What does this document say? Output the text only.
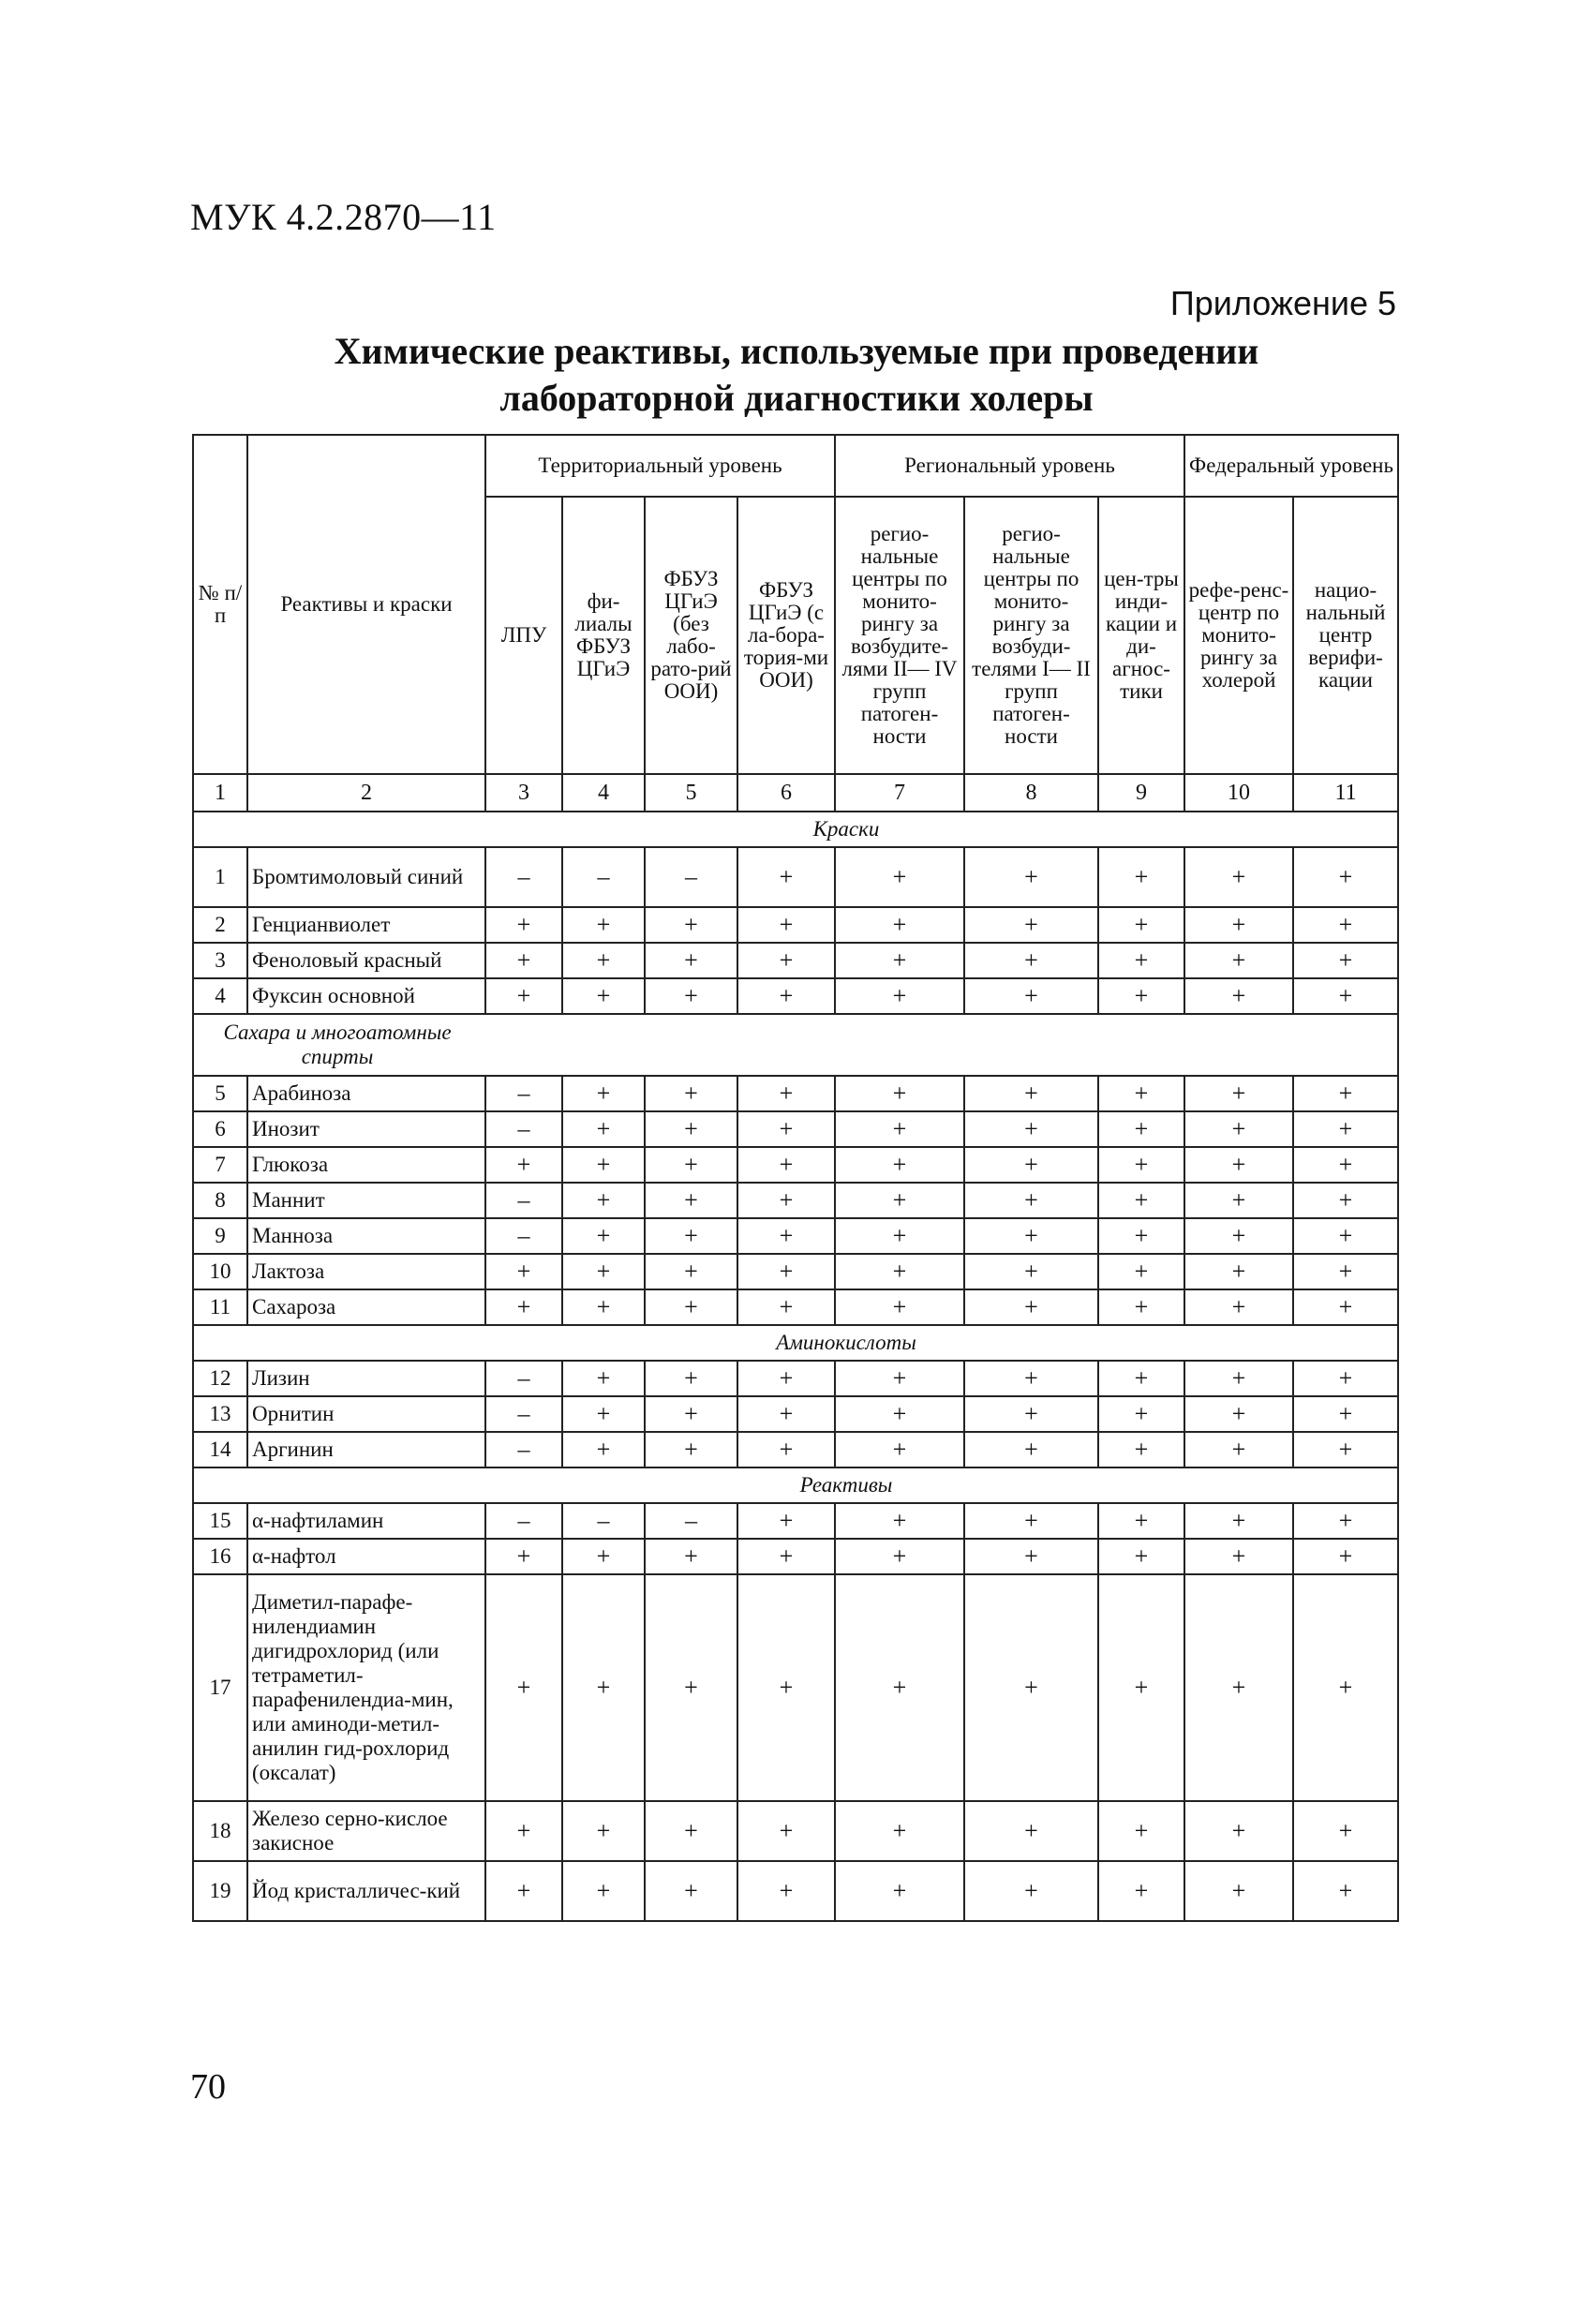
МУК 4.2.2870—11
Приложение 5
Химические реактивы, используемые при проведении
лабораторной диагностики холеры
№ п/п	Реактивы и краски	Территориальный уровень				Региональный уровень			Федеральный уровень	
		ЛПУ	фи-лиалы ФБУЗ ЦГиЭ	ФБУЗ ЦГиЭ (без лабо-рато-рий ООИ)	ФБУЗ ЦГиЭ (с ла-бора-тория-ми ООИ)	регио-нальные центры по монито-рингу за возбудите-лями II— IV групп патоген-ности	регио-нальные центры по монито-рингу за возбуди-телями I— II групп патоген-ности	цен-тры инди-кации и ди-агнос-тики	рефе-ренс-центр по монито-рингу за холерой	нацио-нальный центр верифи-кации
1	2	3	4	5	6	7	8	9	10	11

Краски										

1	Бромтимоловый синий	–	–	–	+	+	+	+	+	+
2	Генцианвиолет	+	+	+	+	+	+	+	+	+
3	Феноловый красный	+	+	+	+	+	+	+	+	+
4	Фуксин основной	+	+	+	+	+	+	+	+	+

Сахара и многоатомные спирты										

5	Арабиноза	–	+	+	+	+	+	+	+	+
6	Инозит	–	+	+	+	+	+	+	+	+
7	Глюкоза	+	+	+	+	+	+	+	+	+
8	Маннит	–	+	+	+	+	+	+	+	+
9	Манноза	–	+	+	+	+	+	+	+	+
10	Лактоза	+	+	+	+	+	+	+	+	+
11	Сахароза	+	+	+	+	+	+	+	+	+

Аминокислоты										

12	Лизин	–	+	+	+	+	+	+	+	+
13	Орнитин	–	+	+	+	+	+	+	+	+
14	Аргинин	–	+	+	+	+	+	+	+	+

Реактивы										

15	α-нафтиламин	–	–	–	+	+	+	+	+	+
16	α-нафтол	+	+	+	+	+	+	+	+	+
17	Диметил-парафе-нилендиамин дигидрохлорид (или тетраметил-парафенилендиа-мин, или аминоди-метил-анилин гид-рохлорид (оксалат)	+	+	+	+	+	+	+	+	+
18	Железо серно-кислое закисное	+	+	+	+	+	+	+	+	+
19	Йод кристалличес-кий	+	+	+	+	+	+	+	+	+
70
